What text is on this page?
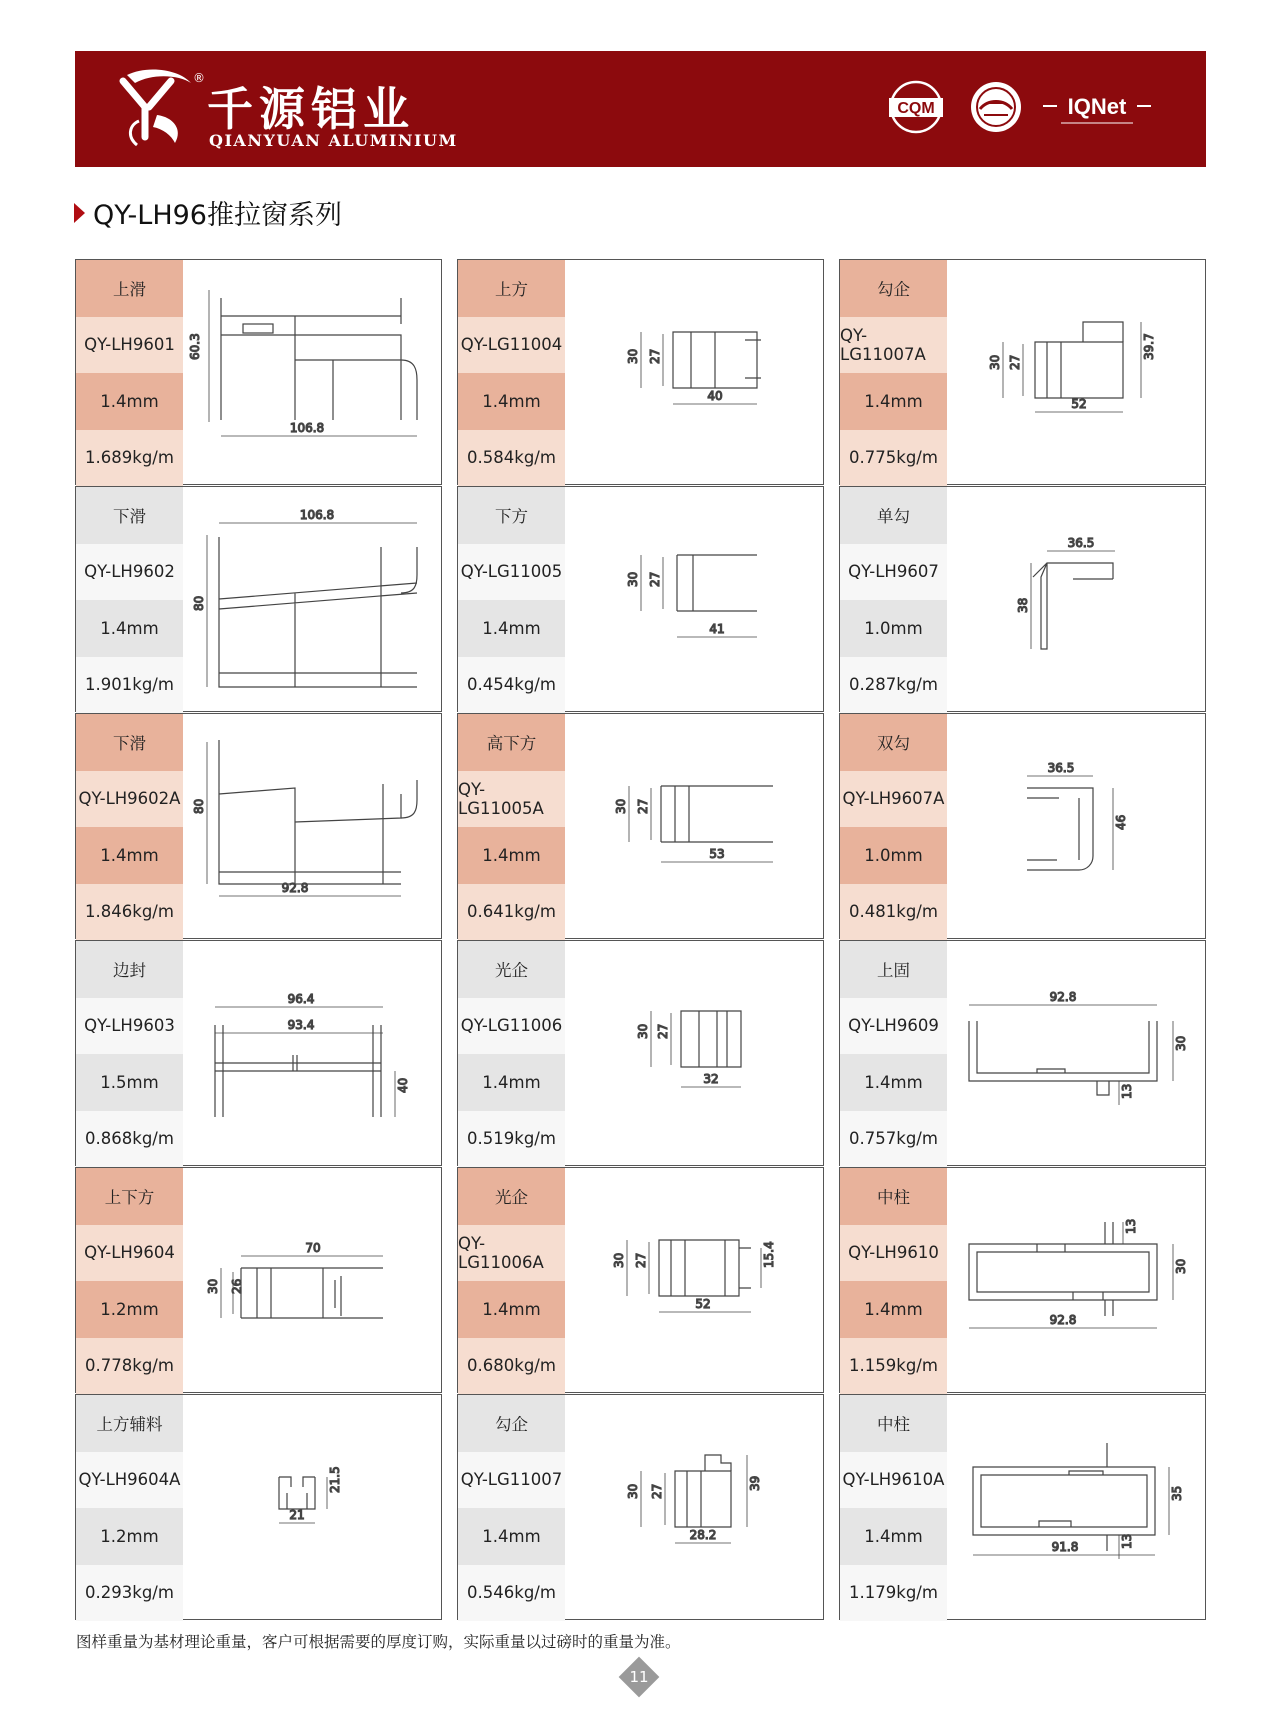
®
千源铝业
QIANYUAN ALUMINIUM
CQM	IQNet
QY-LH96推拉窗系列
上滑
QY-LH9601
1.4mm
1.689kg/m
60.3
106.8
上方
QY-LG11004
1.4mm
0.584kg/m
30 27
40
勾企
QY-LG11007A
1.4mm
0.775kg/m
30 27
39.7
52
下滑
QY-LH9602
1.4mm
1.901kg/m
106.8
80
下方
QY-LG11005
1.4mm
0.454kg/m
30 27
41
单勾
QY-LH9607
1.0mm
0.287kg/m
36.5
38
下滑
QY-LH9602A
1.4mm
1.846kg/m
80
92.8
高下方
QY-LG11005A
1.4mm
0.641kg/m
30 27
53
双勾
QY-LH9607A
1.0mm
0.481kg/m
36.5
46
边封
QY-LH9603
1.5mm
0.868kg/m
96.4
93.4
40
光企
QY-LG11006
1.4mm
0.519kg/m
30 27
32
上固
QY-LH9609
1.4mm
0.757kg/m
92.8
30
13
上下方
QY-LH9604
1.2mm
0.778kg/m
70
30 26
光企
QY-LG11006A
1.4mm
0.680kg/m
30 27	15.4
52
中柱
QY-LH9610
1.4mm
1.159kg/m
13
30
92.8
上方辅料
QY-LH9604A
1.2mm
0.293kg/m
21.5
21
勾企
QY-LG11007
1.4mm
0.546kg/m
30 27
39
28.2
中柱
QY-LH9610A
1.4mm
1.179kg/m
35
91.8	13
图样重量为基材理论重量，客户可根据需要的厚度订购，实际重量以过磅时的重量为准。
11
